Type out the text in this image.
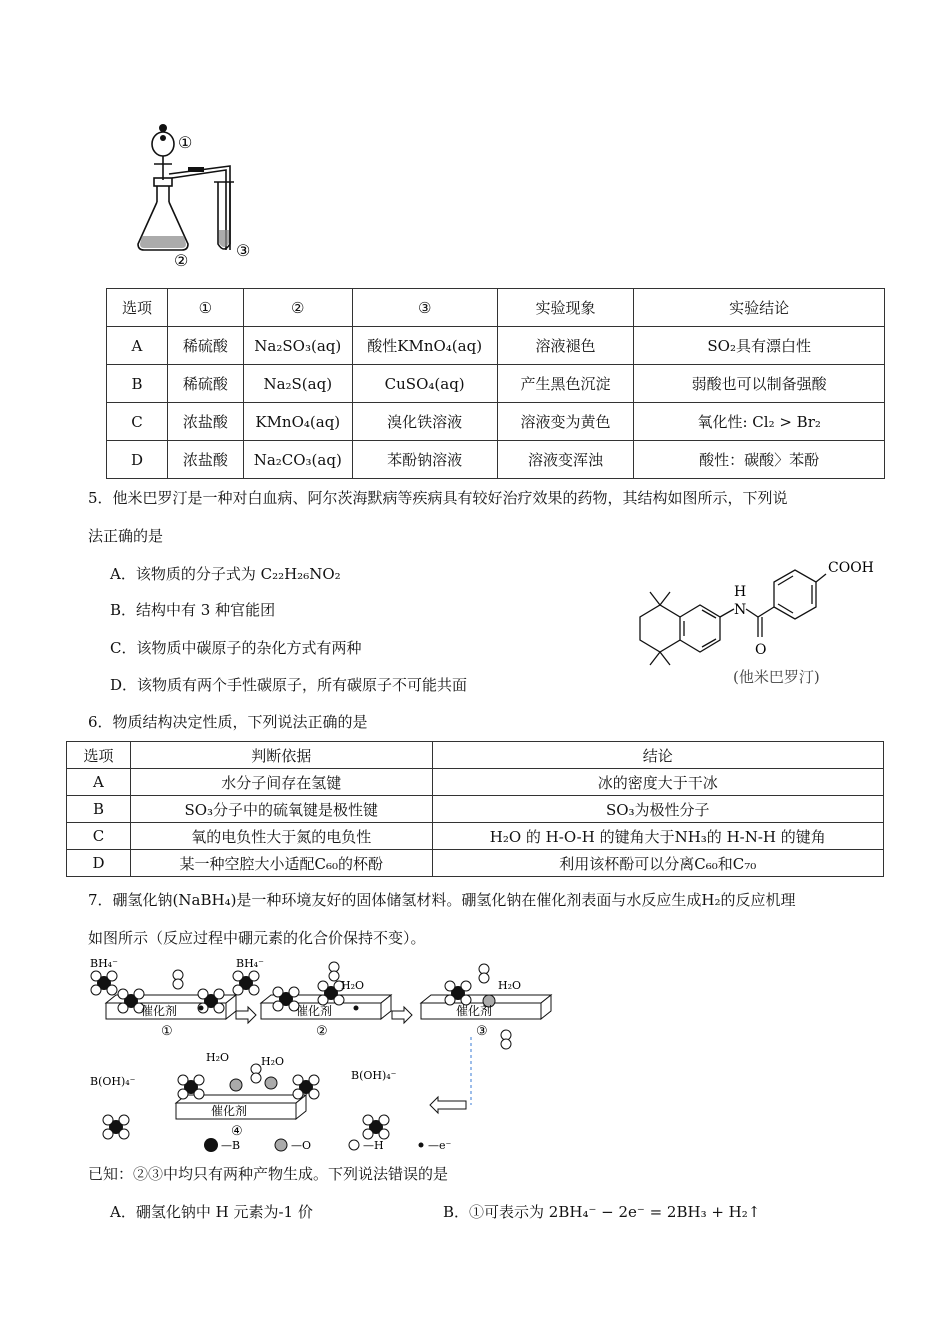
①
②
③
选项	①	②	③	实验现象	实验结论
A	稀硫酸	Na₂SO₃(aq)	酸性KMnO₄(aq)	溶液褪色	SO₂具有漂白性
B	稀硫酸	Na₂S(aq)	CuSO₄(aq)	产生黑色沉淀	弱酸也可以制备强酸
C	浓盐酸	KMnO₄(aq)	溴化铁溶液	溶液变为黄色	氧化性: Cl₂ > Br₂
D	浓盐酸	Na₂CO₃(aq)	苯酚钠溶液	溶液变浑浊	酸性：碳酸〉苯酚
5．他米巴罗汀是一种对白血病、阿尔茨海默病等疾病具有较好治疗效果的药物，其结构如图所示，下列说
法正确的是
A．该物质的分子式为 C₂₂H₂₆NO₂
B．结构中有 3 种官能团
C．该物质中碳原子的杂化方式有两种
D．该物质有两个手性碳原子，所有碳原子不可能共面
COOH
H
N
O
(他米巴罗汀)
6．物质结构决定性质，下列说法正确的是
选项	判断依据	结论
A	水分子间存在氢键	冰的密度大于干冰
B	SO₃分子中的硫氧键是极性键	SO₃为极性分子
C	氧的电负性大于氮的电负性	H₂O 的 H-O-H 的键角大于NH₃的 H-N-H 的键角
D	某一种空腔大小适配C₆₀的杯酚	利用该杯酚可以分离C₆₀和C₇₀
7．硼氢化钠(NaBH₄)是一种环境友好的固体储氢材料。硼氢化钠在催化剂表面与水反应生成H₂的反应机理
如图所示（反应过程中硼元素的化合价保持不变）。
BH₄⁻	BH₄⁻
H₂O	H₂O
H₂O	H₂O
B(OH)₄⁻	B(OH)₄⁻
催化剂	催化剂	催化剂
催化剂
①	②	③
④
—B	—O	—H	—e⁻
已知：②③中均只有两种产物生成。下列说法错误的是
A．硼氢化钠中 H 元素为-1 价	B．①可表示为 2BH₄⁻ − 2e⁻ = 2BH₃ + H₂↑
